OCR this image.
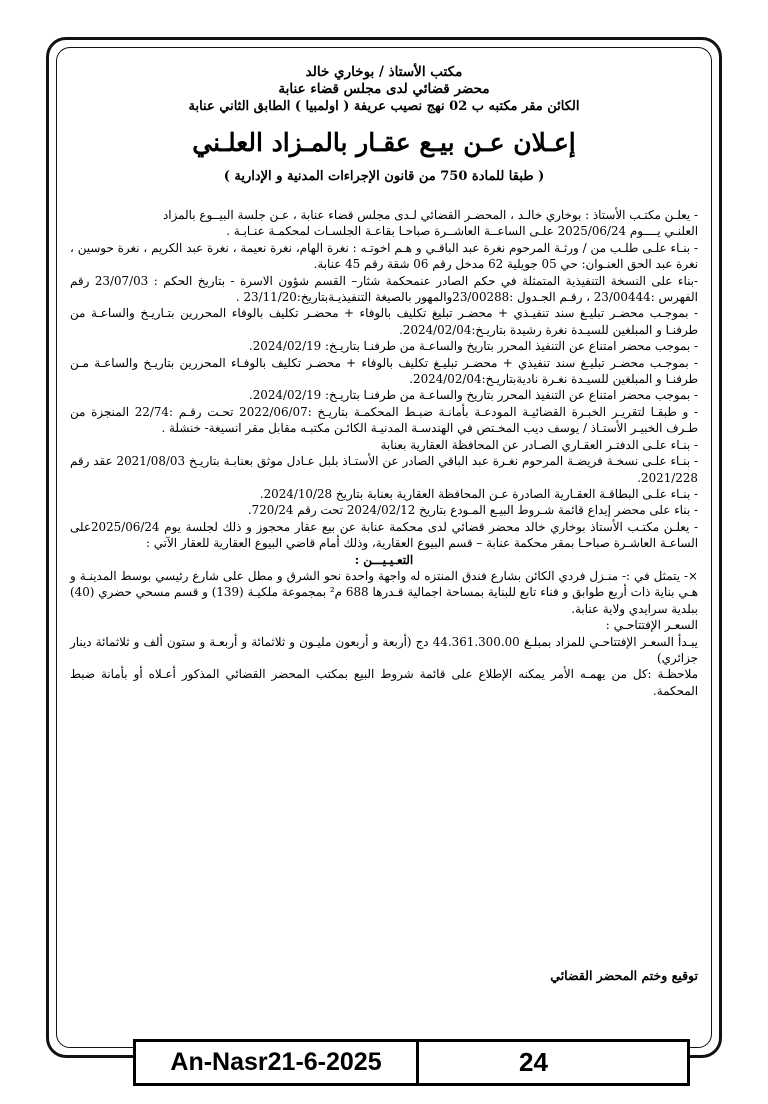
مكتب الأستاذ / بوخاري خالد
محضر قضائي لدى مجلس قضاء عنابة
الكائن مقر مكتبه ب 02 نهج نصيب عريفة ( اولمبيا ) الطابق الثاني عنابة
إعـلان عـن بيـع عقـار بالمـزاد العلـني
( طبقا للمادة 750 من قانون الإجراءات المدنية و الإدارية )

- يعلـن مكتـب الأستاذ : بوخاري خالـد ، المحضـر القضائي لـدى مجلس قضاء عنابة ، عـن جلسة البيــوع بالمزاد

العلنـي يــــوم 2025/06/24 علـى الساعــة العاشــرة صباحـا بقاعـة الجلسـات لمحكمـة عنـابـة .

- بنـاء علـى طلـب من / ورثـة المرحوم نغرة عبد الباقـي و هـم اخوتـه : نغرة الهام، نغرة نعيمة ، نغرة عبد الكريم ، نغرة حوسين ، نغرة عبد الحق العنـوان: حي 05 جويلية 62 مدخل رقم 06 شقة رقم 45 عنابة.

-بناء على النسخة التنفيذية المتمثلة في حكم الصادر عنمحكمة شثار– القسم شؤون الاسرة - بتاريخ الحكم : 23/07/03 رقم الفهرس :23/00444 ، رقـم الجـدول :23/00288والمهور بالصيغة التنفيذيـةبتاريخ:23/11/20 .

- بموجـب محضـر تبليـغ سند تنفيـذي + محضـر تبليغ تكليف بالوفاء + محضـر تكليف بالوفاء المحررين بتـاريـخ والساعـة من طرفنـا و المبلغين للسيـدة نغرة رشيدة بتاريـخ:2024/02/04.

- بموجب محضر امتناع عن التنفيذ المحرر بتاريخ والساعـة من طرفنـا بتاريـخ: 2024/02/19.

- بموجـب محضـر تبليـغ سند تنفيذي + محضـر تبليـغ تكليف بالوفاء + محضـر تكليف بالوفـاء المحررين بتاريـخ والساعـة مـن طرفنـا و المبلغين للسيـدة نغـرة ناديةبتاريـخ:2024/02/04.

- بموجب محضر امتناع عن التنفيذ المحرر بتاريخ والساعـة من طرفنـا بتاريـخ: 2024/02/19.

- و طبقـا لتقريـر الخبـرة القضائيـة المودعـة بأمانـة ضبـط المحكمـة بتاريـخ :2022/06/07 تحـت رقـم :22/74 المنجزة من طـرف الخبيـر الأستـاذ / يوسف ديب المخـتص في الهندسـة المدنيـة الكائـن مكتبـه مقابل مقر انسيغة- خنشلة .

- بنـاء علـى الدفتـر العقـاري الصـادر عن المحافظة العقارية بعنابة

- بنـاء علـى نسخـة فريضـة المرحوم نغـرة عبد الباقي الصادر عن الأستـاذ بلبل عـادل موثق بعنابـة بتاريـخ 2021/08/03 عقد رقم 2021/228.

- بنـاء علـى البطاقـة العقـارية الصادرة عـن المحافظة العقارية بعنابة بتاريخ 2024/10/28.

- بناء على محضر إيداع قائمة شـروط البيـع المـودع بتاريخ 2024/02/12 تحت رقم 720/24.

- يعلـن مكتـب الأستاذ بوخاري خالد محضر قضائي لدى محكمة عنابة عن بيع عقار محجوز و ذلك لجلسة يوم 2025/06/24على الساعـة العاشـرة صباحـا بمقر محكمة عنابة – قسم البيوع العقارية، وذلك أمام قاضي البيوع العقارية للعقار الآتي :

التعـيـيـــن :

×- يتمثل في :- منـزل فردي الكائن بشارع فندق المنتزه له واجهة واحدة نحو الشرق و مطل على شارع رئيسي بوسط المدينـة و هـي بناية ذات أربع طوابق و فناء تابع للبناية بمساحة اجمالية قـدرها 688 م² بمجموعة ملكيـة (139) و قسم مسحي حضري (40) ببلدية سرايدي ولاية عنابة.

السعـر الإفتتاحـي :

يبـدأ السعـر الإفتتاحـي للمزاد بمبلـغ 44.361.300.00 دج (أربعة و أربعون مليـون و ثلاثمائة و أربعـة و ستون ألف و ثلاثمائة دينار جزائري)

ملاحظـة :كل من يهمـه الأمر يمكنه الإطلاع على قائمة شروط البيع بمكتب المحضر القضائي المذكور أعـلاه أو بأمانة ضبط المحكمة.

توقيع وختم المحضر القضائي
An-Nasr21-6-2025	24
